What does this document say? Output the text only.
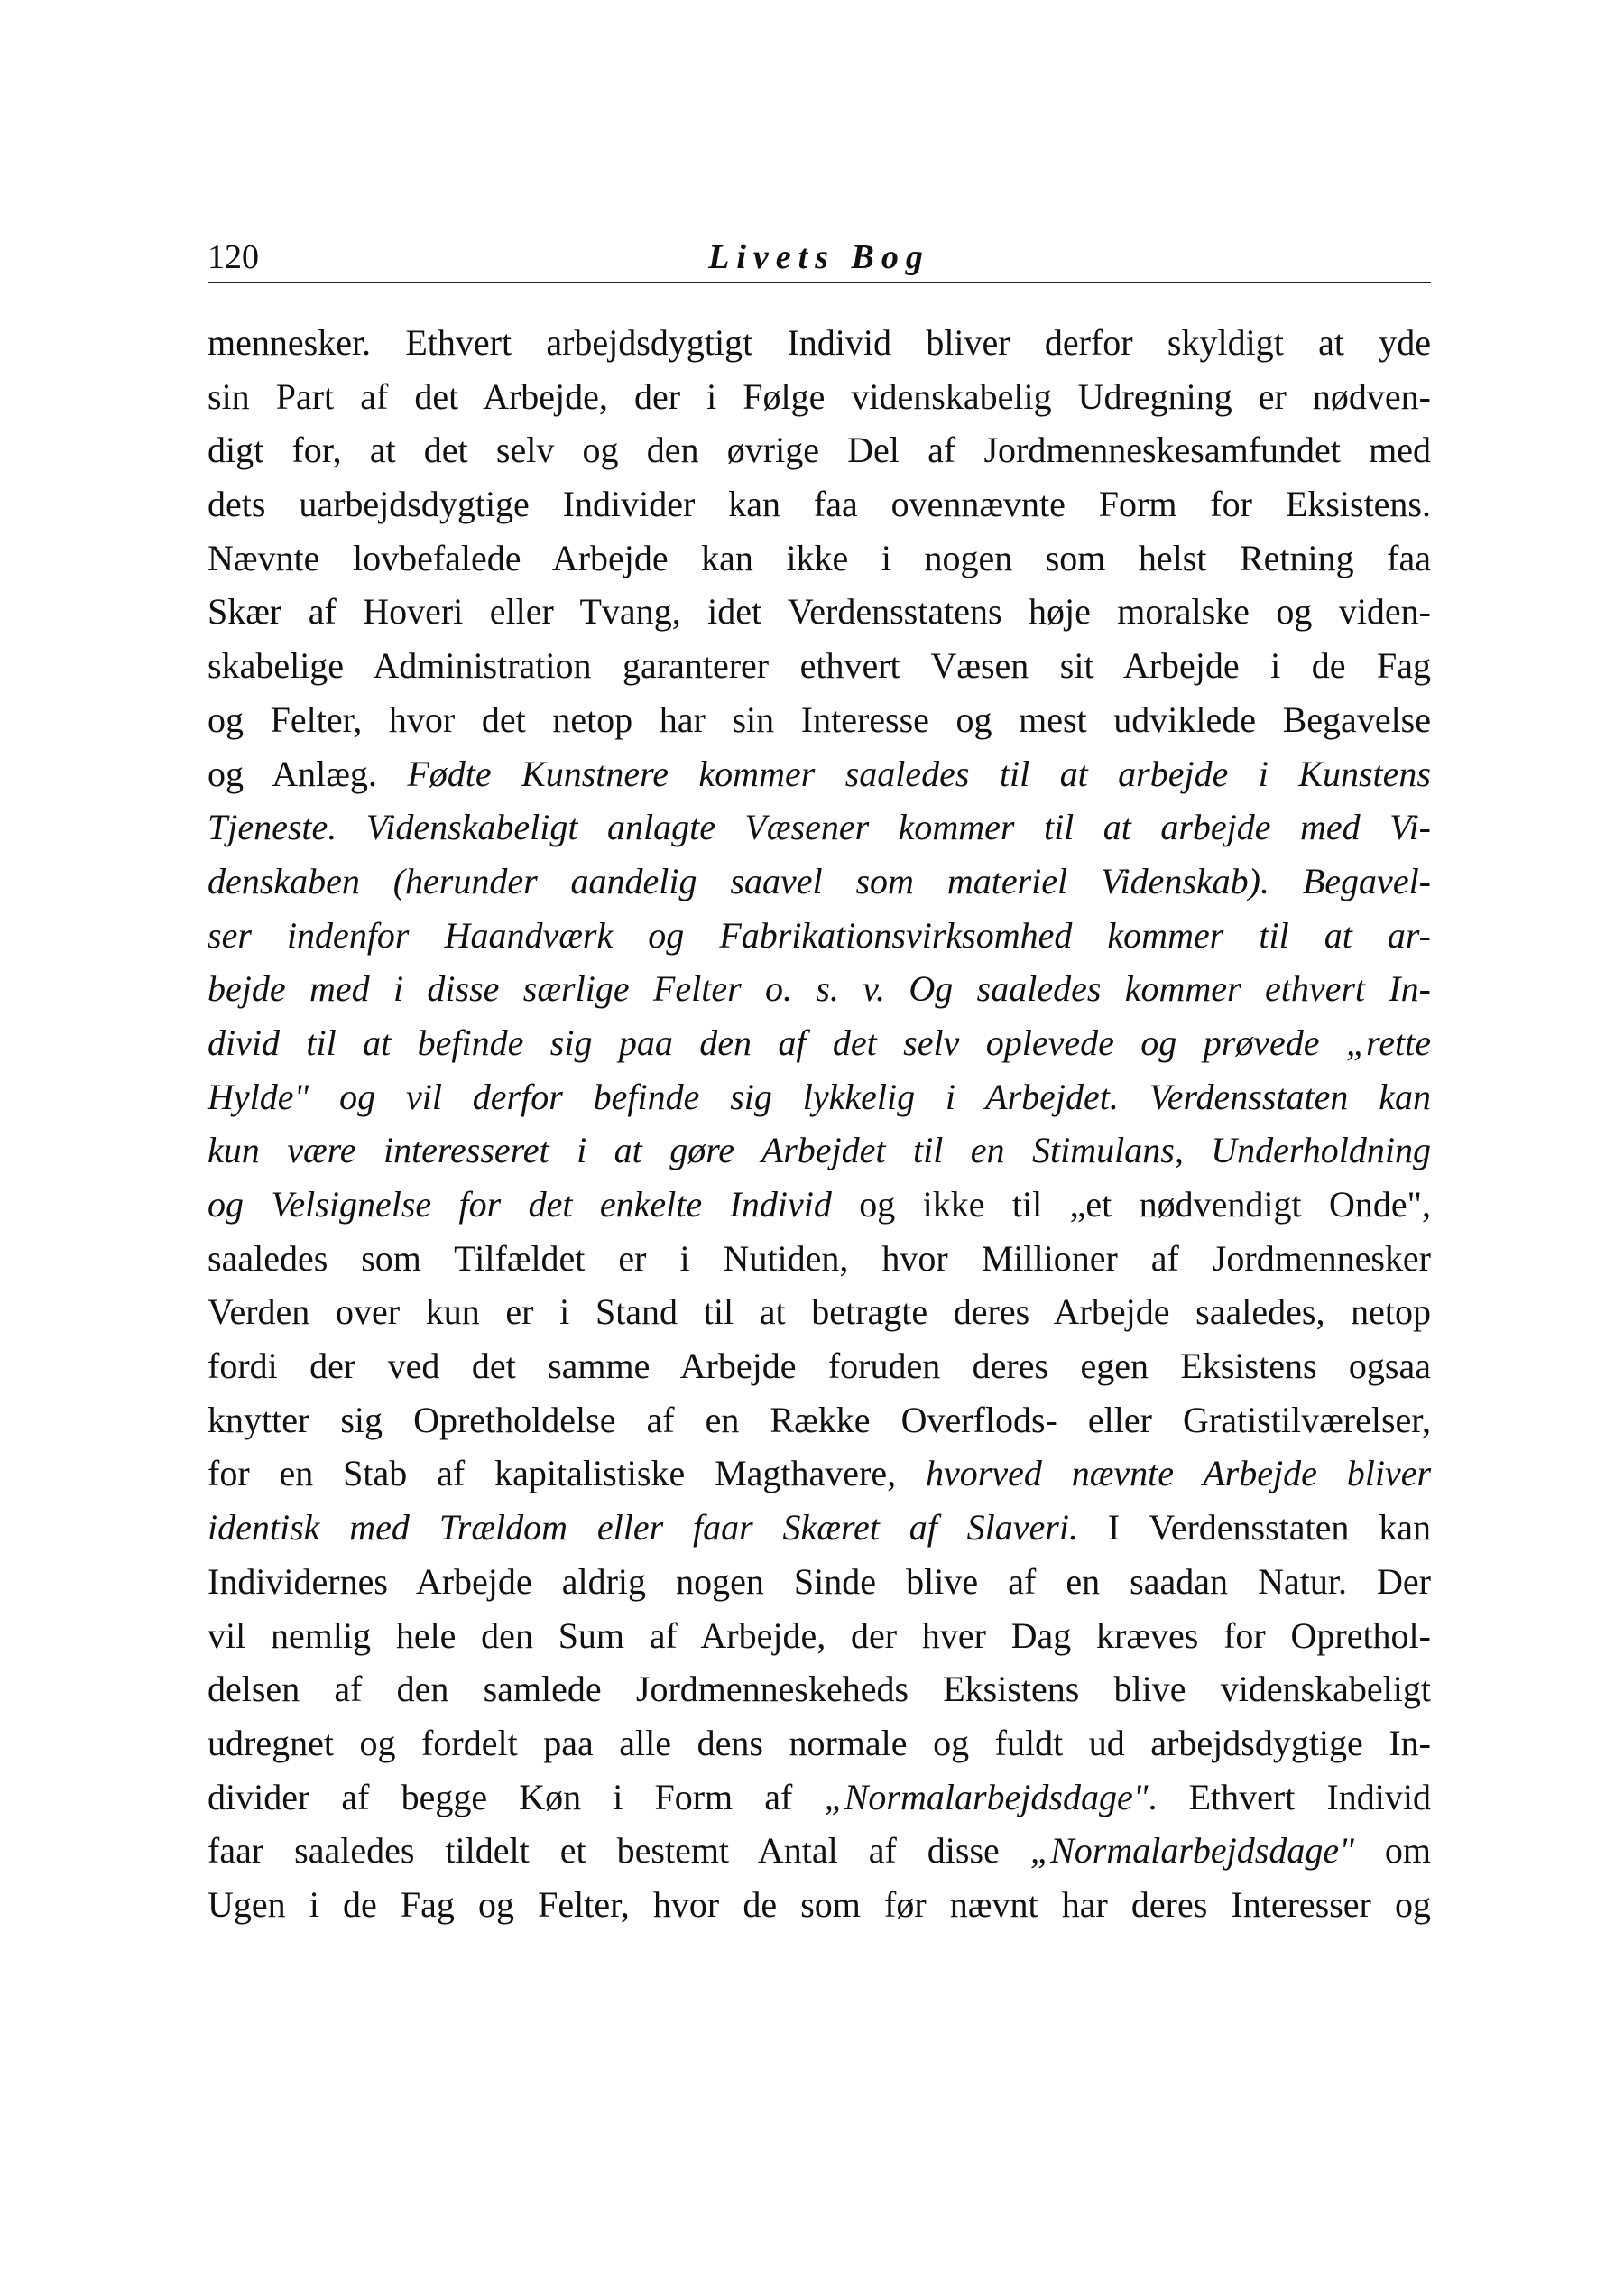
120	Livets Bog
mennesker. Ethvert arbejdsdygtigt Individ bliver derfor skyldigt at yde
sin Part af det Arbejde, der i Følge videnskabelig Udregning er nødven-
digt for, at det selv og den øvrige Del af Jordmenneskesamfundet med
dets uarbejdsdygtige Individer kan faa ovennævnte Form for Eksistens.
Nævnte lovbefalede Arbejde kan ikke i nogen som helst Retning faa
Skær af Hoveri eller Tvang, idet Verdensstatens høje moralske og viden-
skabelige Administration garanterer ethvert Væsen sit Arbejde i de Fag
og Felter, hvor det netop har sin Interesse og mest udviklede Begavelse
og Anlæg. Fødte Kunstnere kommer saaledes til at arbejde i Kunstens
Tjeneste. Videnskabeligt anlagte Væsener kommer til at arbejde med Vi-
denskaben (herunder aandelig saavel som materiel Videnskab). Begavel-
ser indenfor Haandværk og Fabrikationsvirksomhed kommer til at ar-
bejde med i disse særlige Felter o. s. v. Og saaledes kommer ethvert In-
divid til at befinde sig paa den af det selv oplevede og prøvede „rette
Hylde" og vil derfor befinde sig lykkelig i Arbejdet. Verdensstaten kan
kun være interesseret i at gøre Arbejdet til en Stimulans, Underholdning
og Velsignelse for det enkelte Individ og ikke til „et nødvendigt Onde",
saaledes som Tilfældet er i Nutiden, hvor Millioner af Jordmennesker
Verden over kun er i Stand til at betragte deres Arbejde saaledes, netop
fordi der ved det samme Arbejde foruden deres egen Eksistens ogsaa
knytter sig Opretholdelse af en Række Overflods- eller Gratistilværelser,
for en Stab af kapitalistiske Magthavere, hvorved nævnte Arbejde bliver
identisk med Trældom eller faar Skæret af Slaveri. I Verdensstaten kan
Individernes Arbejde aldrig nogen Sinde blive af en saadan Natur. Der
vil nemlig hele den Sum af Arbejde, der hver Dag kræves for Oprethol-
delsen af den samlede Jordmenneskeheds Eksistens blive videnskabeligt
udregnet og fordelt paa alle dens normale og fuldt ud arbejdsdygtige In-
divider af begge Køn i Form af „Normalarbejdsdage". Ethvert Individ
faar saaledes tildelt et bestemt Antal af disse „Normalarbejdsdage" om
Ugen i de Fag og Felter, hvor de som før nævnt har deres Interesser og
